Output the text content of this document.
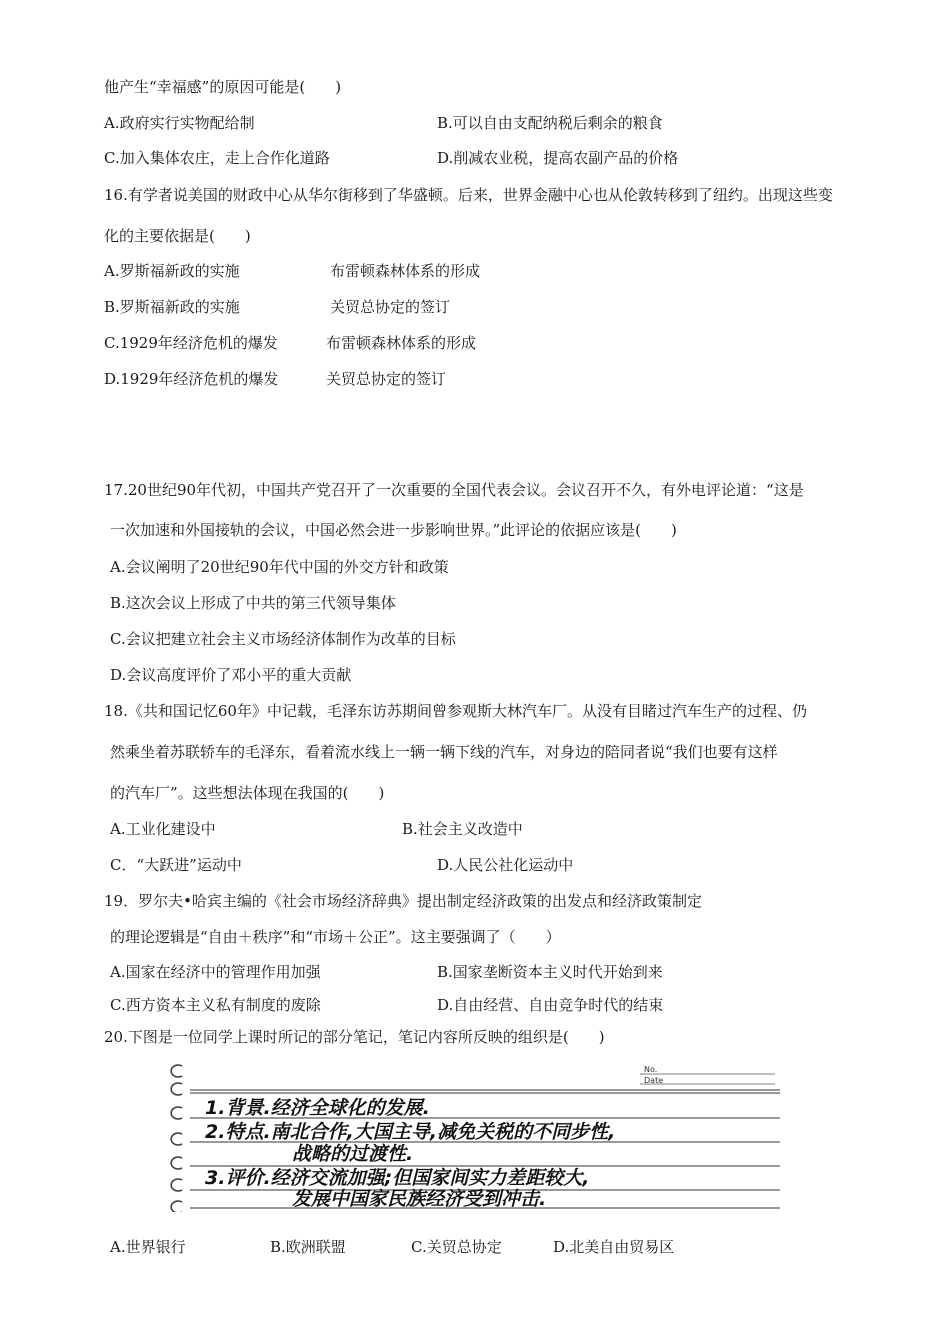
他产生“幸福感”的原因可能是(　　)
A.政府实行实物配给制	B.可以自由支配纳税后剩余的粮食
C.加入集体农庄，走上合作化道路	D.削减农业税，提高农副产品的价格
16.有学者说美国的财政中心从华尔街移到了华盛顿。后来，世界金融中心也从伦敦转移到了纽约。出现这些变
化的主要依据是(　　)
A.罗斯福新政的实施	布雷顿森林体系的形成
B.罗斯福新政的实施	关贸总协定的签订
C.1929年经济危机的爆发	布雷顿森林体系的形成
D.1929年经济危机的爆发	关贸总协定的签订
17.20世纪90年代初，中国共产党召开了一次重要的全国代表会议。会议召开不久，有外电评论道：“这是
一次加速和外国接轨的会议，中国必然会进一步影响世界。”此评论的依据应该是(　　)
A.会议阐明了20世纪90年代中国的外交方针和政策
B.这次会议上形成了中共的第三代领导集体
C.会议把建立社会主义市场经济体制作为改革的目标
D.会议高度评价了邓小平的重大贡献
18.《共和国记忆60年》中记载，毛泽东访苏期间曾参观斯大林汽车厂。从没有目睹过汽车生产的过程、仍
然乘坐着苏联轿车的毛泽东，看着流水线上一辆一辆下线的汽车，对身边的陪同者说“我们也要有这样
的汽车厂”。这些想法体现在我国的(　　)
A.工业化建设中	B.社会主义改造中
C．“大跃进”运动中	D.人民公社化运动中
19．罗尔夫•哈宾主编的《社会市场经济辞典》提出制定经济政策的出发点和经济政策制定
的理论逻辑是“自由＋秩序”和“市场＋公正”。这主要强调了（　　）
A.国家在经济中的管理作用加强	B.国家垄断资本主义时代开始到来
C.西方资本主义私有制度的废除	D.自由经营、自由竞争时代的结束
20.下图是一位同学上课时所记的部分笔记，笔记内容所反映的组织是(　　)
No.
Date
1.背景.经济全球化的发展.
2.特点.南北合作,大国主导,减免关税的不同步性,
战略的过渡性.
3.评价.经济交流加强;但国家间实力差距较大,
发展中国家民族经济受到冲击.
A.世界银行	B.欧洲联盟	C.关贸总协定	D.北美自由贸易区
